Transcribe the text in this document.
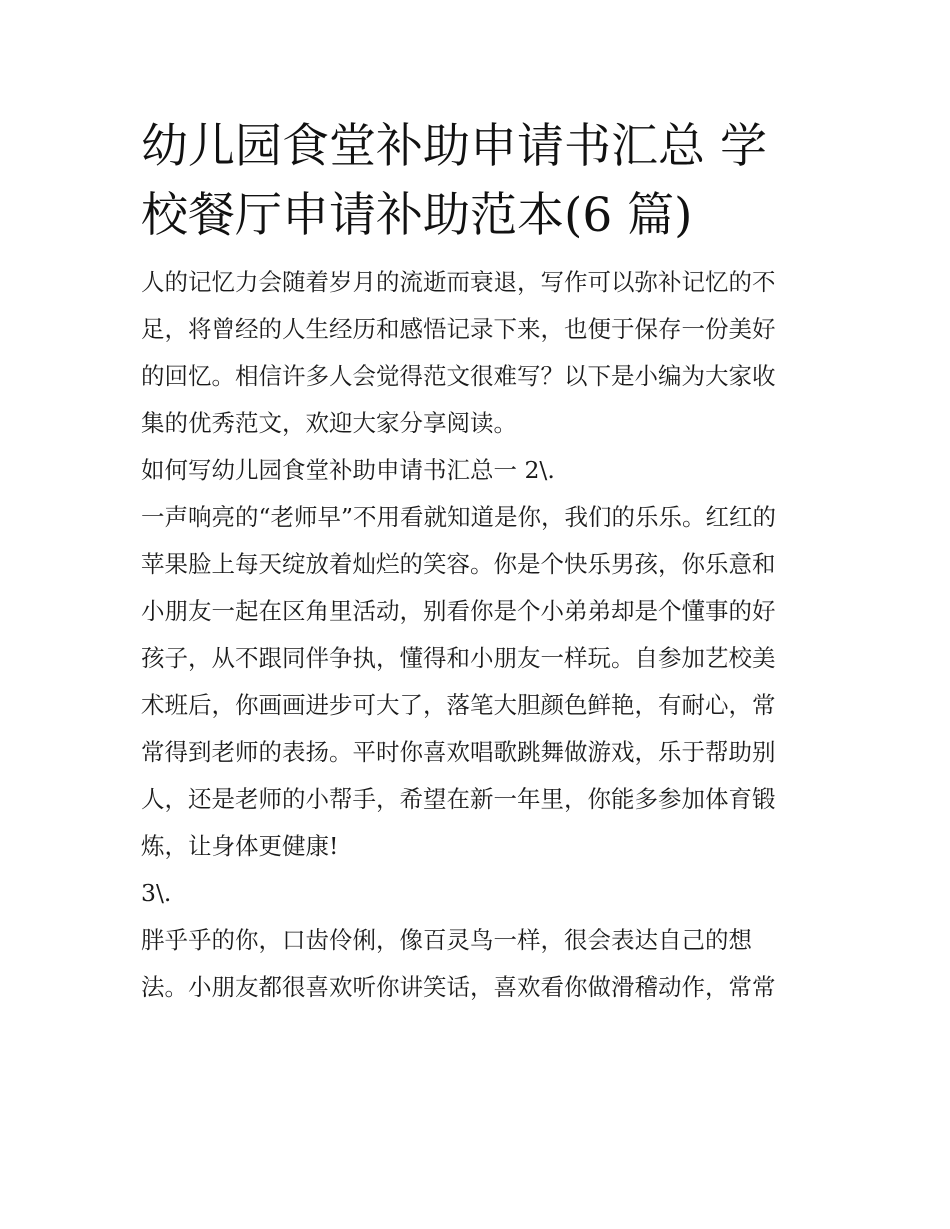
幼儿园食堂补助申请书汇总 学
校餐厅申请补助范本(6 篇)

人的记忆力会随着岁月的流逝而衰退，写作可以弥补记忆的不
足，将曾经的人生经历和感悟记录下来，也便于保存一份美好
的回忆。相信许多人会觉得范文很难写？以下是小编为大家收
集的优秀范文，欢迎大家分享阅读。

如何写幼儿园食堂补助申请书汇总一 2\.

一声响亮的“老师早”不用看就知道是你，我们的乐乐。红红的
苹果脸上每天绽放着灿烂的笑容。你是个快乐男孩，你乐意和
小朋友一起在区角里活动，别看你是个小弟弟却是个懂事的好
孩子，从不跟同伴争执，懂得和小朋友一样玩。自参加艺校美
术班后，你画画进步可大了，落笔大胆颜色鲜艳，有耐心，常
常得到老师的表扬。平时你喜欢唱歌跳舞做游戏，乐于帮助别
人，还是老师的小帮手，希望在新一年里，你能多参加体育锻
炼，让身体更健康!

3\.

胖乎乎的你，口齿伶俐，像百灵鸟一样，很会表达自己的想
法。小朋友都很喜欢听你讲笑话，喜欢看你做滑稽动作，常常
